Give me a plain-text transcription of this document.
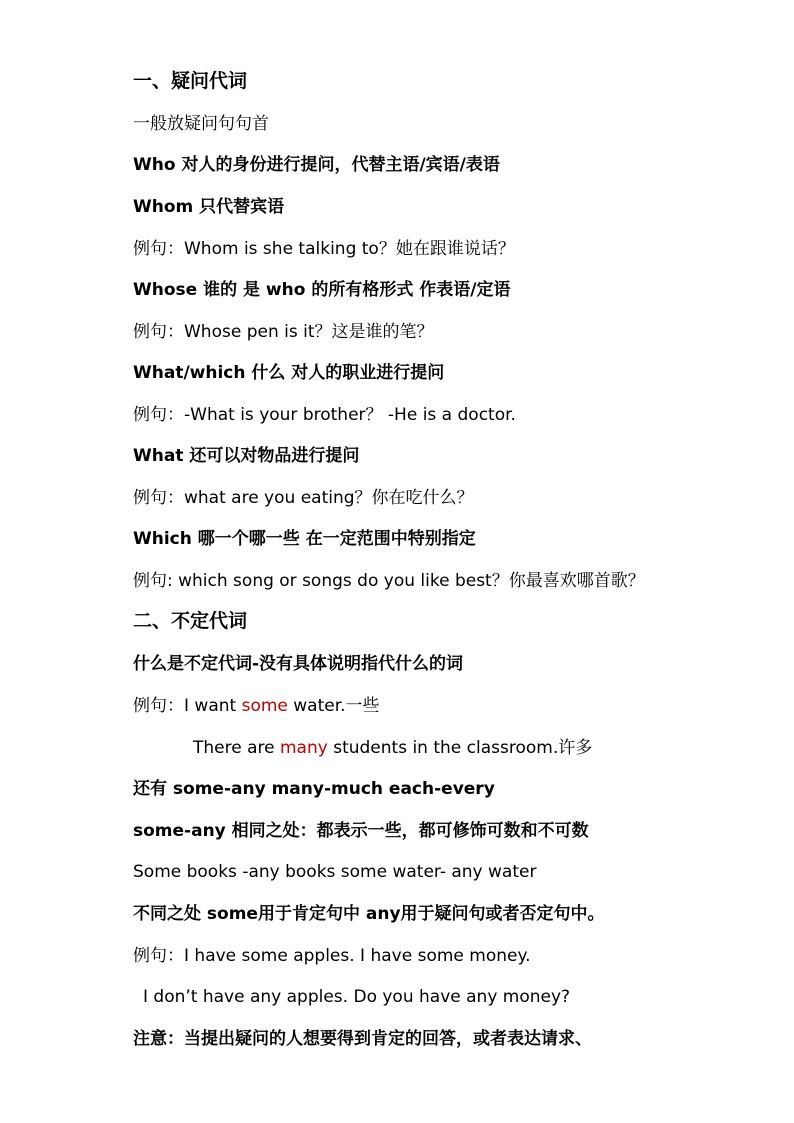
一、疑问代词
一般放疑问句句首
Who 对人的身份进行提问，代替主语/宾语/表语
Whom 只代替宾语
例句：Whom is she talking to？她在跟谁说话？
Whose 谁的 是 who 的所有格形式 作表语/定语
例句：Whose pen is it？这是谁的笔？
What/which 什么 对人的职业进行提问
例句：-What is your brother？ -He is a doctor.
What 还可以对物品进行提问
例句：what are you eating？你在吃什么？
Which 哪一个哪一些 在一定范围中特别指定
例句: which song or songs do you like best？你最喜欢哪首歌？
二、不定代词
什么是不定代词-没有具体说明指代什么的词
例句：I want some water.一些
There are many students in the classroom.许多
还有 some-any many-much each-every
some-any 相同之处：都表示一些，都可修饰可数和不可数
Some books -any books some water- any water
不同之处 some用于肯定句中 any用于疑问句或者否定句中。
例句：I have some apples. I have some money.
I don’t have any apples. Do you have any money?
注意：当提出疑问的人想要得到肯定的回答，或者表达请求、
